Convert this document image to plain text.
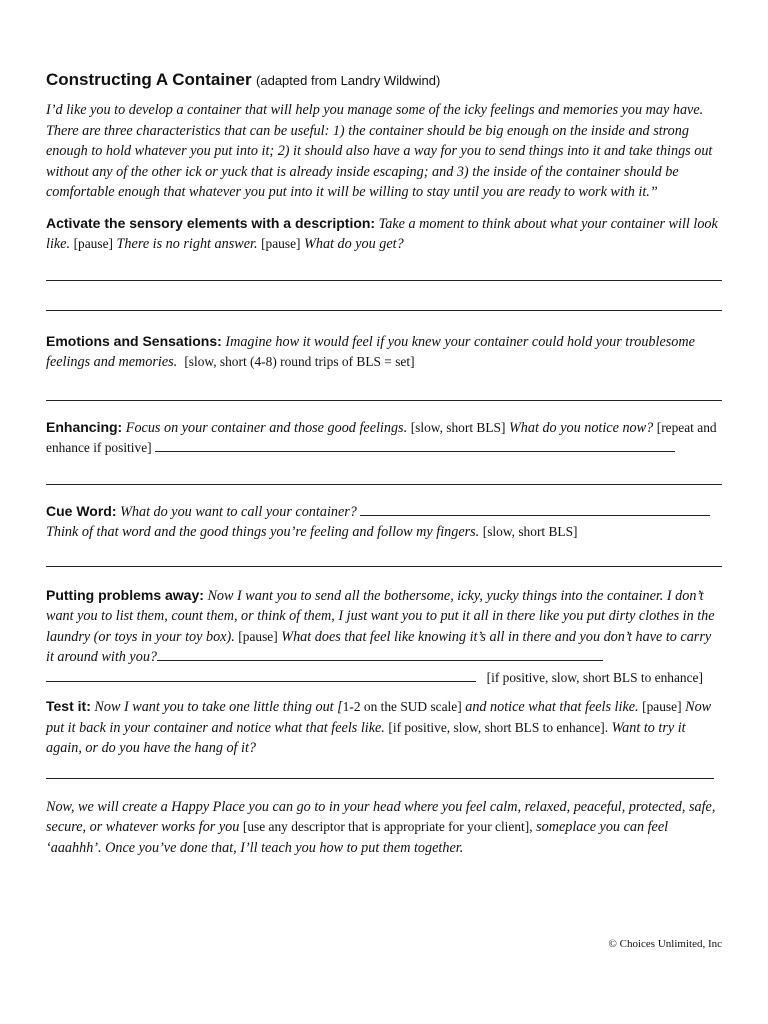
Constructing A Container (adapted from Landry Wildwind)

I’d like you to develop a container that will help you manage some of the icky feelings and memories you may have. There are three characteristics that can be useful: 1) the container should be big enough on the inside and strong enough to hold whatever you put into it; 2) it should also have a way for you to send things into it and take things out without any of the other ick or yuck that is already inside escaping; and 3) the inside of the container should be comfortable enough that whatever you put into it will be willing to stay until you are ready to work with it.”

Activate the sensory elements with a description: Take a moment to think about what your container will look like. [pause] There is no right answer. [pause] What do you get?

Emotions and Sensations: Imagine how it would feel if you knew your container could hold your troublesome feelings and memories. [slow, short (4-8) round trips of BLS = set]

Enhancing: Focus on your container and those good feelings. [slow, short BLS] What do you notice now? [repeat and enhance if positive]

Cue Word: What do you want to call your container?
Think of that word and the good things you’re feeling and follow my fingers. [slow, short BLS]

Putting problems away: Now I want you to send all the bothersome, icky, yucky things into the container. I don’t want you to list them, count them, or think of them, I just want you to put it all in there like you put dirty clothes in the laundry (or toys in your toy box). [pause] What does that feel like knowing it’s all in there and you don’t have to carry it around with you?
[if positive, slow, short BLS to enhance]

Test it: Now I want you to take one little thing out [1-2 on the SUD scale] and notice what that feels like. [pause] Now put it back in your container and notice what that feels like. [if positive, slow, short BLS to enhance]. Want to try it again, or do you have the hang of it?

Now, we will create a Happy Place you can go to in your head where you feel calm, relaxed, peaceful, protected, safe, secure, or whatever works for you [use any descriptor that is appropriate for your client], someplace you can feel ‘aaahhh’. Once you’ve done that, I’ll teach you how to put them together.

© Choices Unlimited, Inc
